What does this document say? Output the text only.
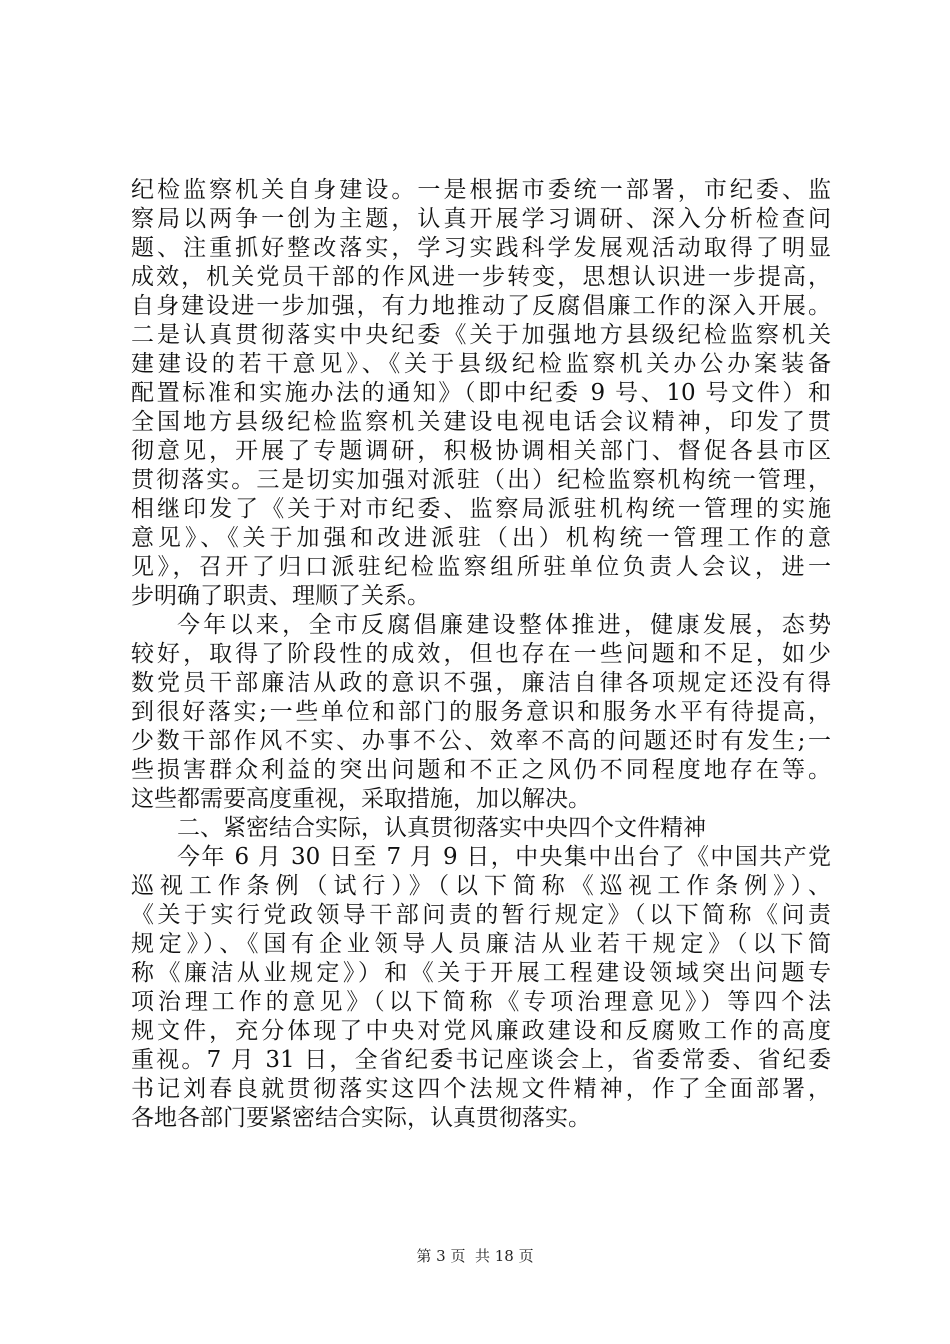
纪检监察机关自身建设。一是根据市委统一部署，市纪委、监
察局以两争一创为主题，认真开展学习调研、深入分析检查问
题、注重抓好整改落实，学习实践科学发展观活动取得了明显
成效，机关党员干部的作风进一步转变，思想认识进一步提高，
自身建设进一步加强，有力地推动了反腐倡廉工作的深入开展。
二是认真贯彻落实中央纪委《关于加强地方县级纪检监察机关
建建设的若干意见》、《关于县级纪检监察机关办公办案装备
配置标准和实施办法的通知》（即中纪委 9 号、10 号文件）和
全国地方县级纪检监察机关建设电视电话会议精神，印发了贯
彻意见，开展了专题调研，积极协调相关部门、督促各县市区
贯彻落实。三是切实加强对派驻（出）纪检监察机构统一管理，
相继印发了《关于对市纪委、监察局派驻机构统一管理的实施
意见》、《关于加强和改进派驻（出）机构统一管理工作的意
见》，召开了归口派驻纪检监察组所驻单位负责人会议，进一
步明确了职责、理顺了关系。
今年以来，全市反腐倡廉建设整体推进，健康发展，态势
较好，取得了阶段性的成效，但也存在一些问题和不足，如少
数党员干部廉洁从政的意识不强，廉洁自律各项规定还没有得
到很好落实;一些单位和部门的服务意识和服务水平有待提高，
少数干部作风不实、办事不公、效率不高的问题还时有发生;一
些损害群众利益的突出问题和不正之风仍不同程度地存在等。
这些都需要高度重视，采取措施，加以解决。
二、紧密结合实际，认真贯彻落实中央四个文件精神
今年 6 月 30 日至 7 月 9 日，中央集中出台了《中国共产党
巡视工作条例（试行）》（以下简称《巡视工作条例》）、
《关于实行党政领导干部问责的暂行规定》（以下简称《问责
规定》）、《国有企业领导人员廉洁从业若干规定》（以下简
称《廉洁从业规定》）和《关于开展工程建设领域突出问题专
项治理工作的意见》（以下简称《专项治理意见》）等四个法
规文件，充分体现了中央对党风廉政建设和反腐败工作的高度
重视。7 月 31 日，全省纪委书记座谈会上，省委常委、省纪委
书记刘春良就贯彻落实这四个法规文件精神，作了全面部署，
各地各部门要紧密结合实际，认真贯彻落实。
第 3 页  共 18 页
